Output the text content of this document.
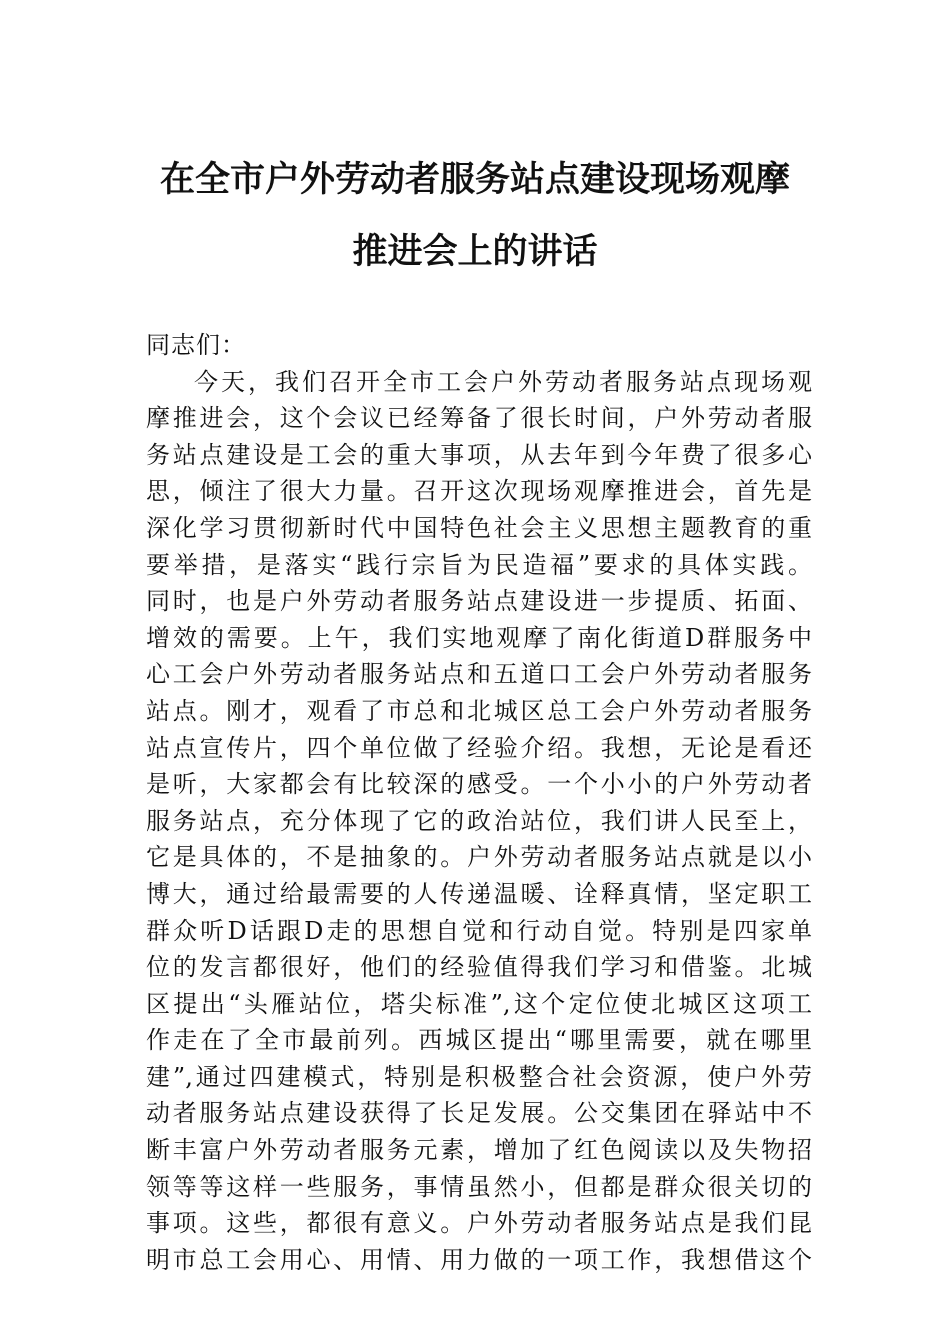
在全市户外劳动者服务站点建设现场观摩

推进会上的讲话

同志们：

今天，我们召开全市工会户外劳动者服务站点现场观

摩推进会，这个会议已经筹备了很长时间，户外劳动者服

务站点建设是工会的重大事项，从去年到今年费了很多心

思，倾注了很大力量。召开这次现场观摩推进会，首先是

深化学习贯彻新时代中国特色社会主义思想主题教育的重

要举措，是落实“践行宗旨为民造福”要求的具体实践。

同时，也是户外劳动者服务站点建设进一步提质、拓面、

增效的需要。上午，我们实地观摩了南化街道D群服务中

心工会户外劳动者服务站点和五道口工会户外劳动者服务

站点。刚才，观看了市总和北城区总工会户外劳动者服务

站点宣传片，四个单位做了经验介绍。我想，无论是看还

是听，大家都会有比较深的感受。一个小小的户外劳动者

服务站点，充分体现了它的政治站位，我们讲人民至上，

它是具体的，不是抽象的。户外劳动者服务站点就是以小

博大，通过给最需要的人传递温暖、诠释真情，坚定职工

群众听D话跟D走的思想自觉和行动自觉。特别是四家单

位的发言都很好，他们的经验值得我们学习和借鉴。北城

区提出“头雁站位，塔尖标准”,这个定位使北城区这项工

作走在了全市最前列。西城区提出“哪里需要，就在哪里

建”,通过四建模式，特别是积极整合社会资源，使户外劳

动者服务站点建设获得了长足发展。公交集团在驿站中不

断丰富户外劳动者服务元素，增加了红色阅读以及失物招

领等等这样一些服务，事情虽然小，但都是群众很关切的

事项。这些，都很有意义。户外劳动者服务站点是我们昆

明市总工会用心、用情、用力做的一项工作，我想借这个
